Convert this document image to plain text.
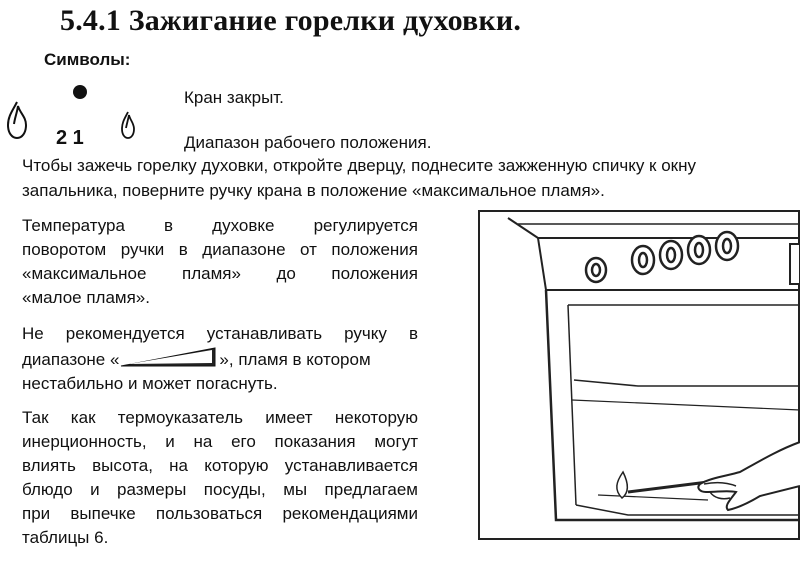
5.4.1 Зажигание горелки духовки.
Символы:
Кран закрыт.
2 1	Диапазон рабочего положения.
Чтобы зажечь горелку духовки, откройте дверцу, поднесите зажженную спичку к окну
запальника, поверните ручку крана в положение «максимальное пламя».
Температура в духовке регулируется
поворотом ручки в диапазоне от положения
«максимальное пламя» до положения
«малое пламя».
Не рекомендуется устанавливать ручку в
диапазоне «	», пламя в котором
нестабильно и может погаснуть.
Так как термоуказатель имеет некоторую
инерционность, и на его показания могут
влиять высота, на которую устанавливается
блюдо и размеры посуды, мы предлагаем
при выпечке пользоваться рекомендациями
таблицы 6.
